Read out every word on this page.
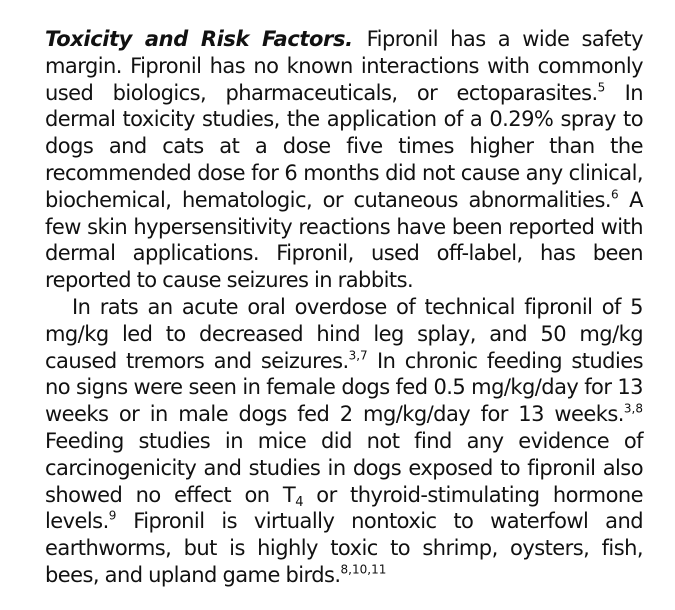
Toxicity and Risk Factors. Fipronil has a wide safety margin. Fipronil has no known interactions with commonly used biologics, pharmaceuticals, or ectoparasites.$^5$ In dermal toxicity studies, the application of a 0.29% spray to dogs and cats at a dose five times higher than the recommended dose for 6 months did not cause any clinical, biochemical, hematologic, or cutaneous abnormalities.$^6$ A few skin hypersensitivity reactions have been reported with dermal applications. Fipronil, used off-label, has been reported to cause seizures in rabbits.

In rats an acute oral overdose of technical fipronil of 5 mg/kg led to decreased hind leg splay, and 50 mg/kg caused tremors and seizures.$^{3,7}$ In chronic feeding studies no signs were seen in female dogs fed 0.5 mg/kg/day for 13 weeks or in male dogs fed 2 mg/kg/day for 13 weeks.$^{3,8}$ Feeding studies in mice did not find any evidence of carcinogenicity and studies in dogs exposed to fipronil also showed no effect on $T_4$ or thyroid-stimulating hormone levels.$^9$ Fipronil is virtually nontoxic to waterfowl and earthworms, but is highly toxic to shrimp, oysters, fish, bees, and upland game birds.$^{8,10,11}$
